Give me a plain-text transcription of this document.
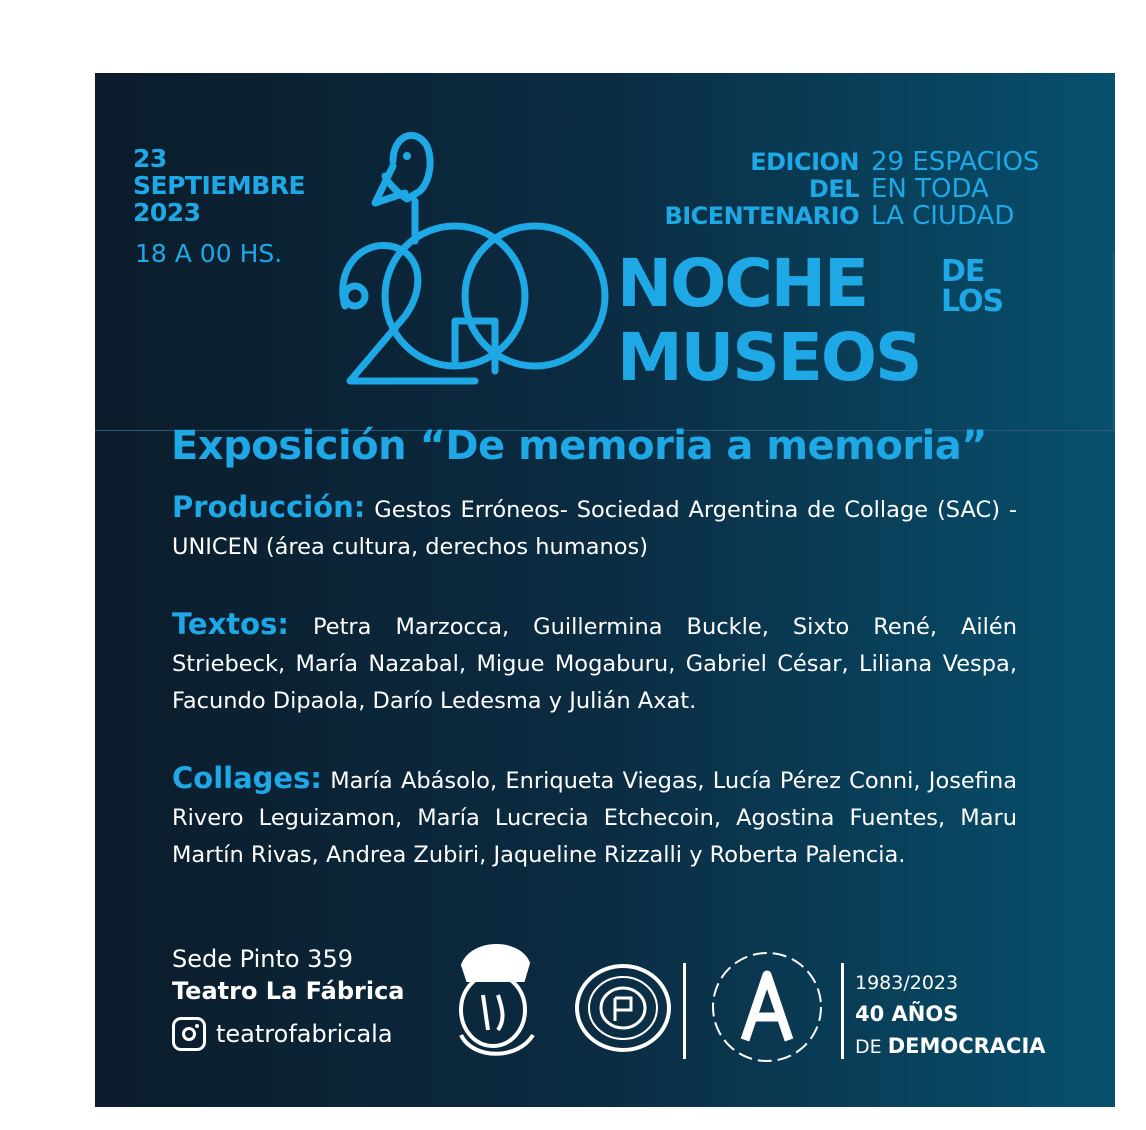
23
SEPTIEMBRE
2023
18 A 00 HS.
EDICION
DEL
BICENTENARIO
29 ESPACIOS
EN TODA
LA CIUDAD
NOCHE DE
LOS
MUSEOS
Exposición “De memoria a memoria”
Producción: Gestos Erróneos- Sociedad Argentina de Collage (SAC) - UNICEN (área cultura, derechos humanos)
Textos: Petra Marzocca, Guillermina Buckle, Sixto René, Ailén Striebeck, María Nazabal, Migue Mogaburu, Gabriel César, Liliana Vespa, Facundo Dipaola, Darío Ledesma y Julián Axat.
Collages: María Abásolo, Enriqueta Viegas, Lucía Pérez Conni, Josefina Rivero Leguizamon, María Lucrecia Etchecoin, Agostina Fuentes, Maru Martín Rivas, Andrea Zubiri, Jaqueline Rizzalli y Roberta Palencia.
Sede Pinto 359
Teatro La Fábrica
teatrofabricala
1983/2023
40 AÑOS
DE DEMOCRACIA
